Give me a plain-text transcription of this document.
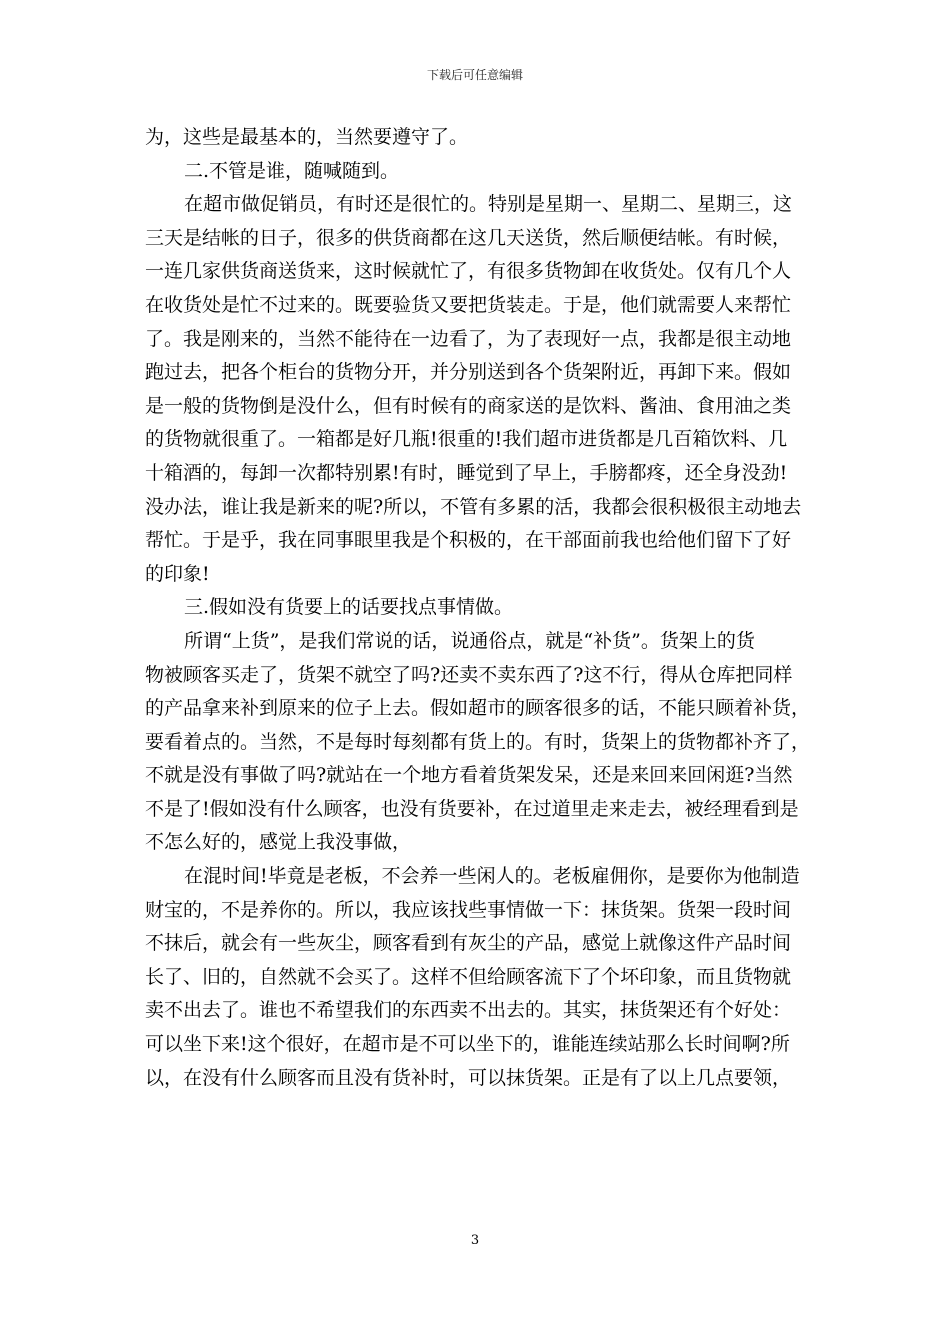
下载后可任意编辑
为，这些是最基本的，当然要遵守了。
二.不管是谁，随喊随到。
在超市做促销员，有时还是很忙的。特别是星期一、星期二、星期三，这
三天是结帐的日子，很多的供货商都在这几天送货，然后顺便结帐。有时候，
一连几家供货商送货来，这时候就忙了，有很多货物卸在收货处。仅有几个人
在收货处是忙不过来的。既要验货又要把货装走。于是，他们就需要人来帮忙
了。我是刚来的，当然不能待在一边看了，为了表现好一点，我都是很主动地
跑过去，把各个柜台的货物分开，并分别送到各个货架附近，再卸下来。假如
是一般的货物倒是没什么，但有时候有的商家送的是饮料、酱油、食用油之类
的货物就很重了。一箱都是好几瓶!很重的!我们超市进货都是几百箱饮料、几
十箱酒的，每卸一次都特别累!有时，睡觉到了早上，手膀都疼，还全身没劲!
没办法，谁让我是新来的呢?所以，不管有多累的活，我都会很积极很主动地去
帮忙。于是乎，我在同事眼里我是个积极的，在干部面前我也给他们留下了好
的印象!
三.假如没有货要上的话要找点事情做。
所谓“上货”，是我们常说的话，说通俗点，就是“补货”。货架上的货
物被顾客买走了，货架不就空了吗?还卖不卖东西了?这不行，得从仓库把同样
的产品拿来补到原来的位子上去。假如超市的顾客很多的话，不能只顾着补货，
要看着点的。当然，不是每时每刻都有货上的。有时，货架上的货物都补齐了，
不就是没有事做了吗?就站在一个地方看着货架发呆，还是来回来回闲逛?当然
不是了!假如没有什么顾客，也没有货要补，在过道里走来走去，被经理看到是
不怎么好的，感觉上我没事做，
在混时间!毕竟是老板，不会养一些闲人的。老板雇佣你，是要你为他制造
财宝的，不是养你的。所以，我应该找些事情做一下：抹货架。货架一段时间
不抹后，就会有一些灰尘，顾客看到有灰尘的产品，感觉上就像这件产品时间
长了、旧的，自然就不会买了。这样不但给顾客流下了个坏印象，而且货物就
卖不出去了。谁也不希望我们的东西卖不出去的。其实，抹货架还有个好处：
可以坐下来!这个很好，在超市是不可以坐下的，谁能连续站那么长时间啊?所
以，在没有什么顾客而且没有货补时，可以抹货架。正是有了以上几点要领，
3
